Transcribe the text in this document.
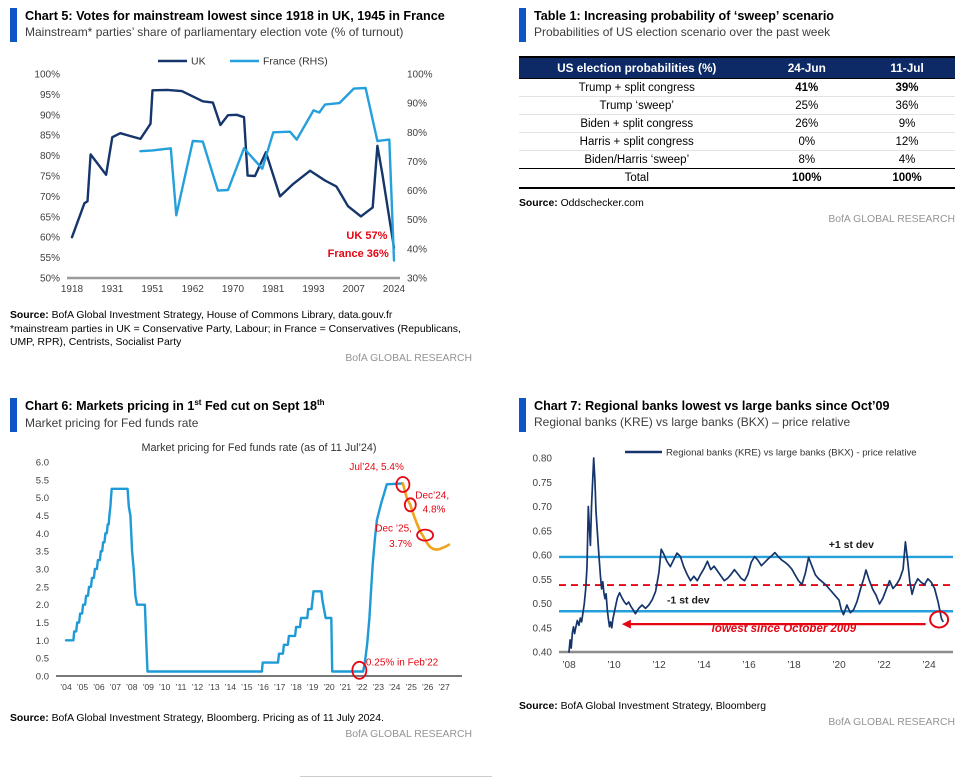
Chart 5: Votes for mainstream lowest since 1918 in UK, 1945 in France
Mainstream* parties’ share of parliamentary election vote (% of turnout)
1918 1931 1951 1962 1970 1981 1993 2007 2024
100%
95%
90%
85%
80%
75%
70%
65%
60%
55%
50%
100%
90%
80%
70%
60%
50%
40%
30%
UK	France (RHS)
UK 57%
France 36%
Source: BofA Global Investment Strategy, House of Commons Library, data.gouv.fr
*mainstream parties in UK = Conservative Party, Labour; in France = Conservatives (Republicans, UMP, RPR), Centrists, Socialist Party
BofA GLOBAL RESEARCH
Table 1: Increasing probability of ‘sweep’ scenario
Probabilities of US election scenario over the past week
US election probabilities (%)	24-Jun	11-Jul
Trump + split congress	41%	39%
Trump ‘sweep’	25%	36%
Biden + split congress	26%	9%
Harris + split congress	0%	12%
Biden/Harris ‘sweep’	8%	4%
Total	100%	100%
Source: Oddschecker.com
BofA GLOBAL RESEARCH
Chart 6: Markets pricing in 1st Fed cut on Sept 18th
Market pricing for Fed funds rate
’04 ’05 ’06 ’07 ’08 ’09 ’10 ’11 ’12 ’13 ’14 ’15 ’16 ’17 ’18 ’19 ’20 ’21 ’22 ’23 ’24 ’25 ’26 ’27
6.0
5.5
5.0
4.5
4.0
3.5
3.0
2.5
2.0
1.5
1.0
0.5
0.0
Market pricing for Fed funds rate (as of 11 Jul’24)
Jul’24, 5.4%
Dec’24,
4.8%
Dec ’25,
3.7%
0.25% in Feb’22
Source: BofA Global Investment Strategy, Bloomberg. Pricing as of 11 July 2024.
BofA GLOBAL RESEARCH
Chart 7: Regional banks lowest vs large banks since Oct’09
Regional banks (KRE) vs large banks (BKX) – price relative
’08	’10	’12	’14	’16	’18	’20	’22	’24
0.80
0.75
0.70
0.65
0.60
0.55
0.50
0.45
0.40
Regional banks (KRE) vs large banks (BKX) - price relative
+1 st dev
-1 st dev
lowest since October 2009
Source: BofA Global Investment Strategy, Bloomberg
BofA GLOBAL RESEARCH
